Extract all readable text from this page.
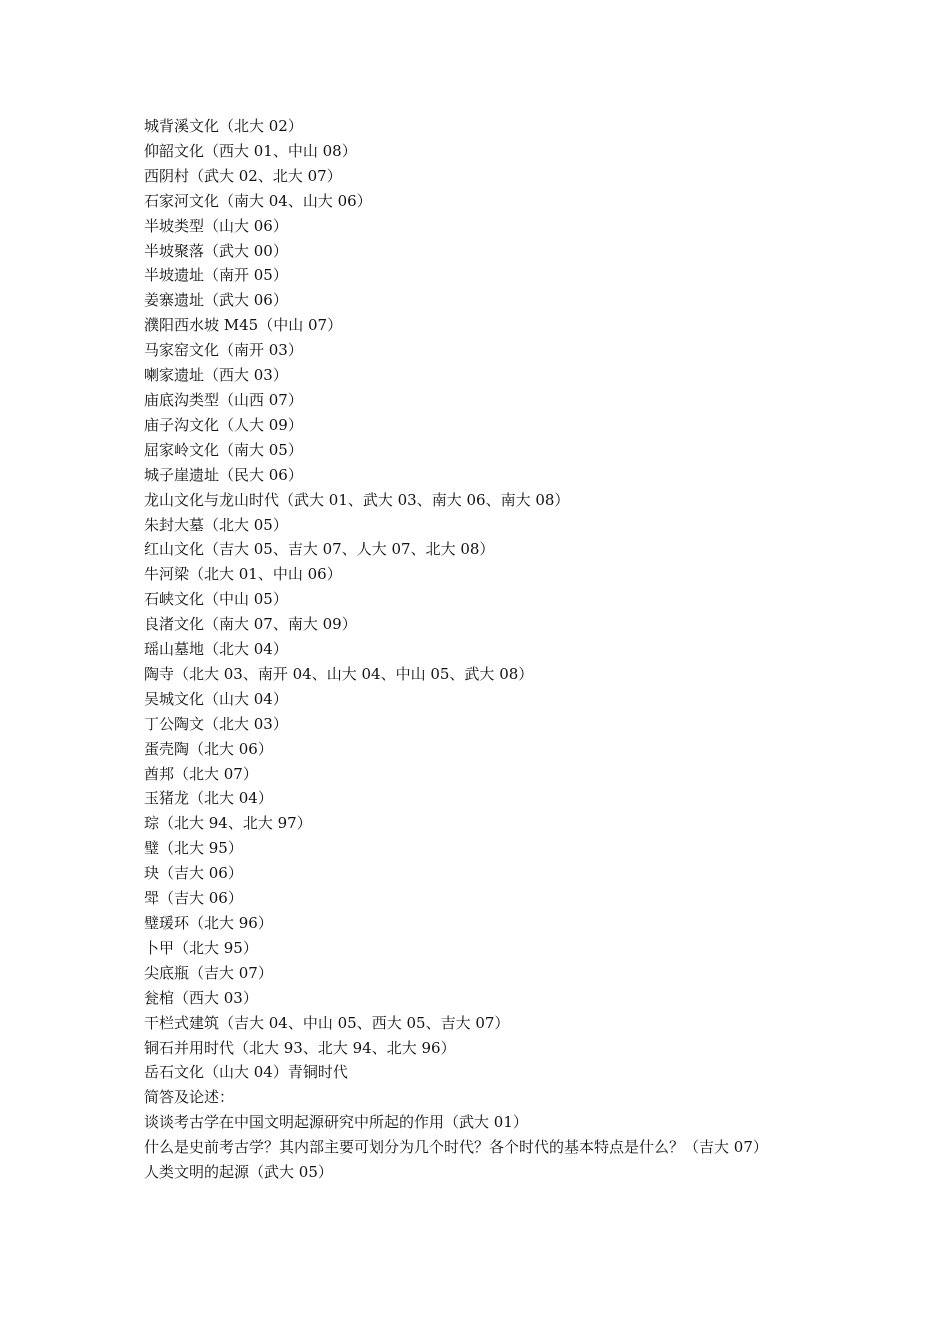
城背溪文化（北大 02）
仰韶文化（西大 01、中山 08）
西阴村（武大 02、北大 07）
石家河文化（南大 04、山大 06）
半坡类型（山大 06）
半坡聚落（武大 00）
半坡遗址（南开 05）
姜寨遗址（武大 06）
濮阳西水坡 M45（中山 07）
马家窑文化（南开 03）
喇家遗址（西大 03）
庙底沟类型（山西 07）
庙子沟文化（人大 09）
屈家岭文化（南大 05）
城子崖遗址（民大 06）
龙山文化与龙山时代（武大 01、武大 03、南大 06、南大 08）
朱封大墓（北大 05）
红山文化（吉大 05、吉大 07、人大 07、北大 08）
牛河梁（北大 01、中山 06）
石峡文化（中山 05）
良渚文化（南大 07、南大 09）
瑶山墓地（北大 04）
陶寺（北大 03、南开 04、山大 04、中山 05、武大 08）
吴城文化（山大 04）
丁公陶文（北大 03）
蛋壳陶（北大 06）
酋邦（北大 07）
玉猪龙（北大 04）
琮（北大 94、北大 97）
璧（北大 95）
玦（吉大 06）
斝（吉大 06）
璧瑗环（北大 96）
卜甲（北大 95）
尖底瓶（吉大 07）
瓮棺（西大 03）
干栏式建筑（吉大 04、中山 05、西大 05、吉大 07）
铜石并用时代（北大 93、北大 94、北大 96）
岳石文化（山大 04）青铜时代
简答及论述：
谈谈考古学在中国文明起源研究中所起的作用（武大 01）
什么是史前考古学？其内部主要可划分为几个时代？各个时代的基本特点是什么？（吉大 07）
人类文明的起源（武大 05）
